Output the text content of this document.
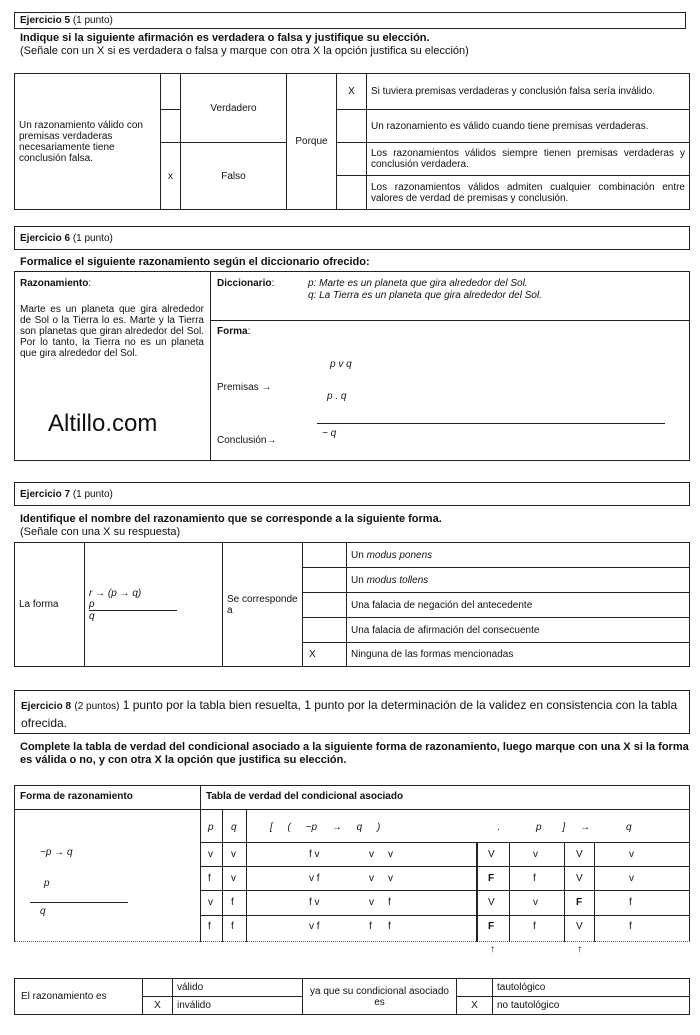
Ejercicio 5 (1 punto)
Indique si la siguiente afirmación es verdadera o falsa y justifique su elección.
(Señale con un X si es verdadera o falsa y marque con otra X la opción justifica su elección)
Un razonamiento válido con premisas verdaderas necesariamente tiene conclusión falsa.		Verdadero	Porque	X	Si tuviera premisas verdaderas y conclusión falsa sería inválido.
					Un razonamiento es válido cuando tiene premisas verdaderas.
	x	Falso			Los razonamientos válidos siempre tienen premisas verdaderas y conclusión verdadera.
					Los razonamientos válidos admiten cualquier combinación entre valores de verdad de premisas y conclusión.
Ejercicio 6 (1 punto)
Formalice el siguiente razonamiento según el diccionario ofrecido:
Razonamiento:
Marte es un planeta que gira alrededor de Sol o la Tierra lo es. Marte y la Tierra son planetas que giran alrededor del Sol. Por lo tanto, la Tierra no es un planeta que gira alrededor del Sol.
Altillo.com
Diccionario:	p: Marte es un planeta que gira alrededor del Sol.
q: La Tierra es un planeta que gira alrededor del Sol.
Forma:
p v q
Premisas →
p . q
~ q
Conclusión→
Ejercicio 7 (1 punto)
Identifique el nombre del razonamiento que se corresponde a la siguiente forma.
(Señale con una X su respuesta)
La forma	r → (p → q)
p
q	Se corresponde a		Un modus ponens
				Un modus tollens
				Una falacia de negación del antecedente
				Una falacia de afirmación del consecuente
			X	Ninguna de las formas mencionadas
Ejercicio 8 (2 puntos) 1 punto por la tabla bien resuelta, 1 punto por la determinación de la validez en consistencia con la tabla ofrecida.
Complete la tabla de verdad del condicional asociado a la siguiente forma de razonamiento, luego marque con una X si la forma es válida o no, y con otra X la opción que justifica su elección.
Forma de razonamiento	Tabla de verdad del condicional asociado
~p → q
p
q
p q	[ ( ~p → q )	.	p ] →	q
v v	f v	v v	V	v	V	v
f v	v f	v v	F	f	V	v
v f	f v	v f	V	v	F	f
f f	v f	f f	F	f	V	f
↑	↑
El razonamiento es		válido	ya que su condicional asociado es		tautológico
	X	inválido		X	no tautológico
